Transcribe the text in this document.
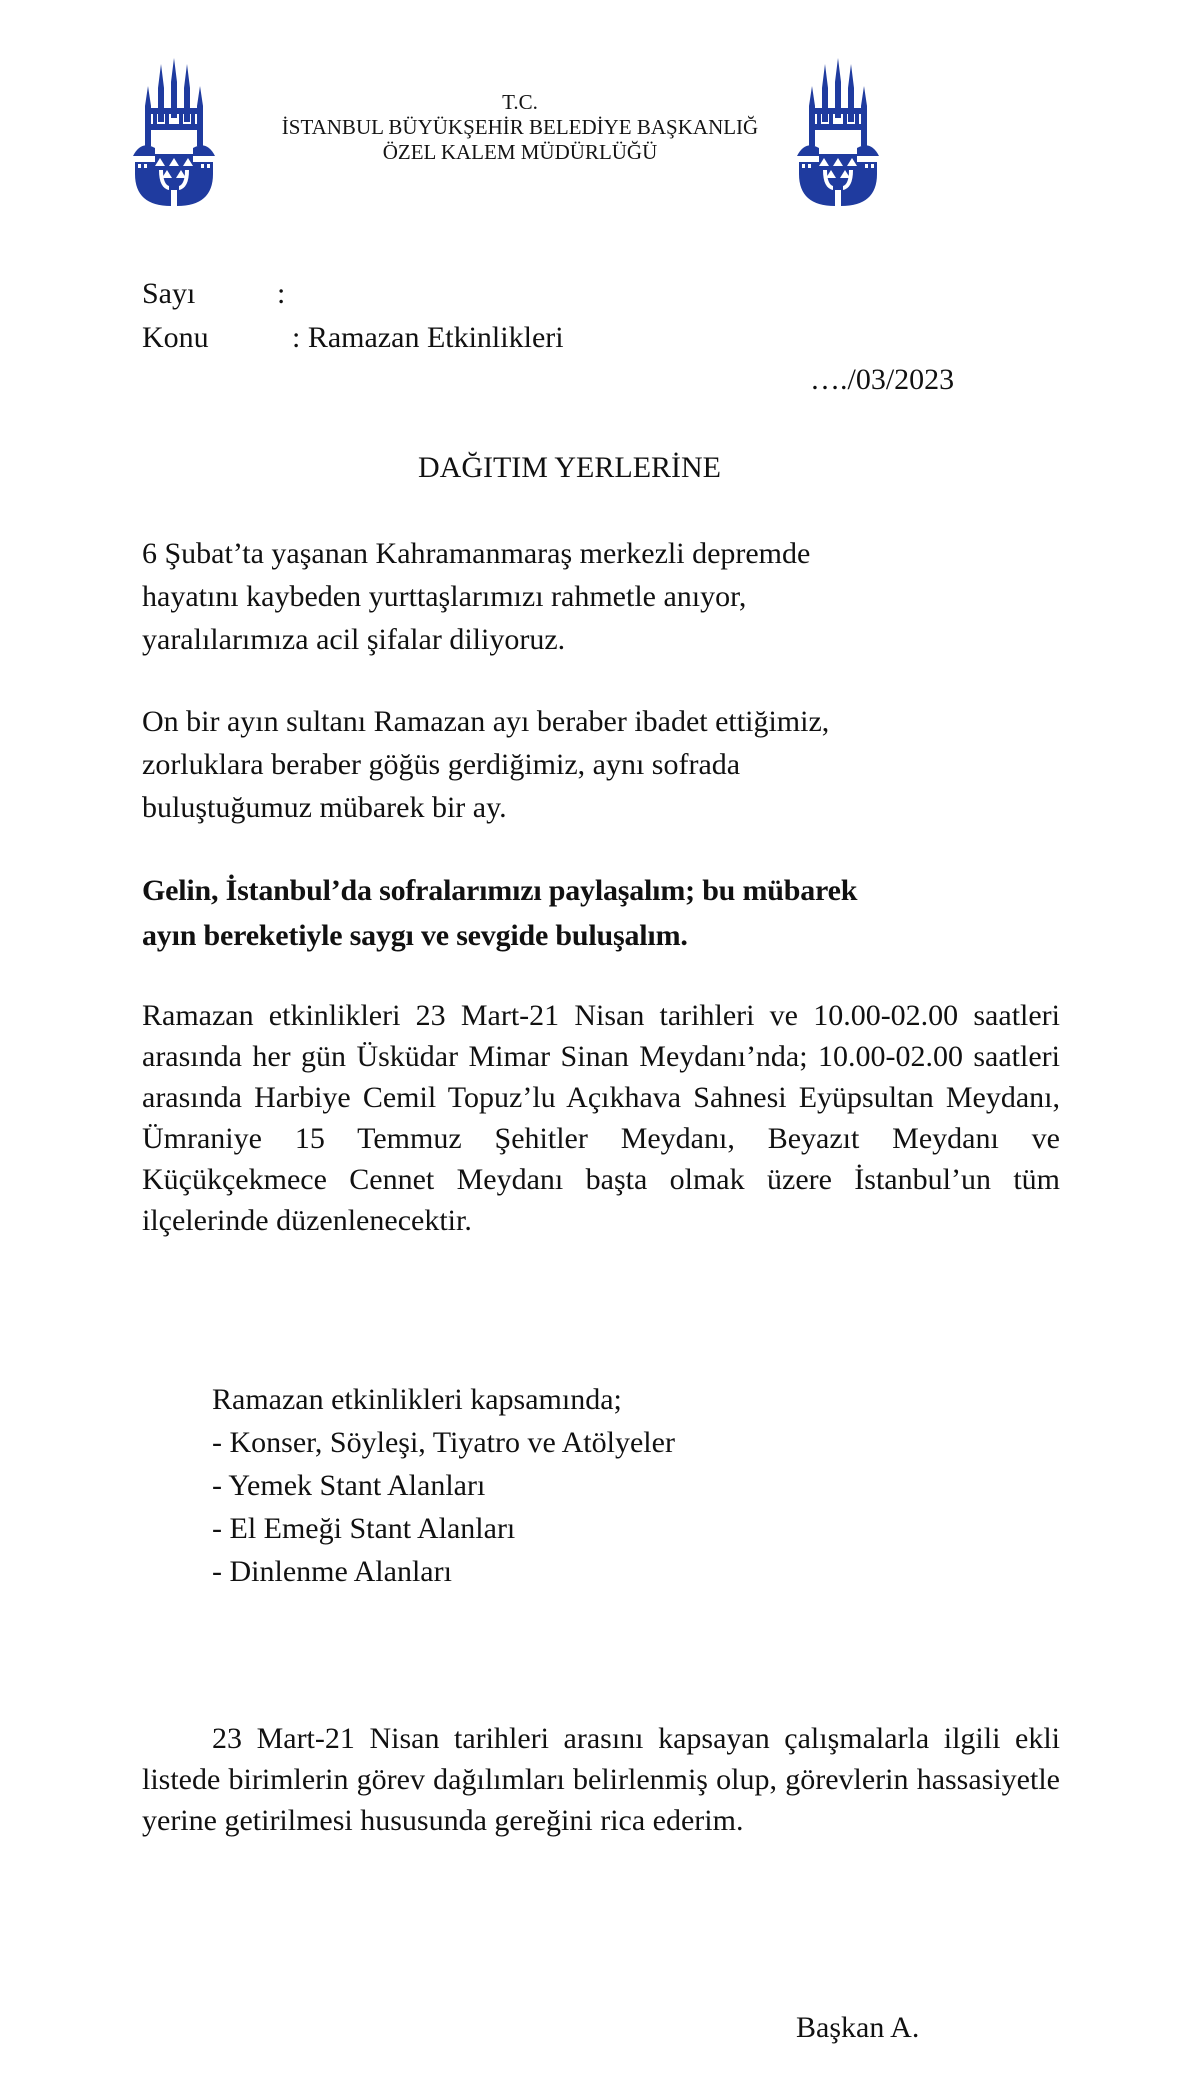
T.C.
İSTANBUL BÜYÜKŞEHİR BELEDİYE BAŞKANLIĞ
ÖZEL KALEM MÜDÜRLÜĞÜ
Sayı	:
Konu	: Ramazan Etkinlikleri
…./03/2023
DAĞITIM YERLERİNE
6 Şubat’ta yaşanan Kahramanmaraş merkezli depremde
hayatını kaybeden yurttaşlarımızı rahmetle anıyor,
yaralılarımıza acil şifalar diliyoruz.
On bir ayın sultanı Ramazan ayı beraber ibadet ettiğimiz,
zorluklara beraber göğüs gerdiğimiz, aynı sofrada
buluştuğumuz mübarek bir ay.
Gelin, İstanbul’da sofralarımızı paylaşalım; bu mübarek
ayın bereketiyle saygı ve sevgide buluşalım.
Ramazan etkinlikleri 23 Mart-21 Nisan tarihleri ve 10.00-02.00 saatleri arasında her gün Üsküdar Mimar Sinan Meydanı’nda; 10.00-02.00 saatleri arasında Harbiye Cemil Topuz’lu Açıkhava Sahnesi Eyüpsultan Meydanı, Ümraniye 15 Temmuz Şehitler Meydanı, Beyazıt Meydanı ve Küçükçekmece Cennet Meydanı başta olmak üzere İstanbul’un tüm ilçelerinde düzenlenecektir.
Ramazan etkinlikleri kapsamında;
- Konser, Söyleşi, Tiyatro ve Atölyeler
- Yemek Stant Alanları
- El Emeği Stant Alanları
- Dinlenme Alanları
23 Mart-21 Nisan tarihleri arasını kapsayan çalışmalarla ilgili ekli listede birimlerin görev dağılımları belirlenmiş olup, görevlerin hassasiyetle yerine getirilmesi hususunda gereğini rica ederim.
Başkan A.
